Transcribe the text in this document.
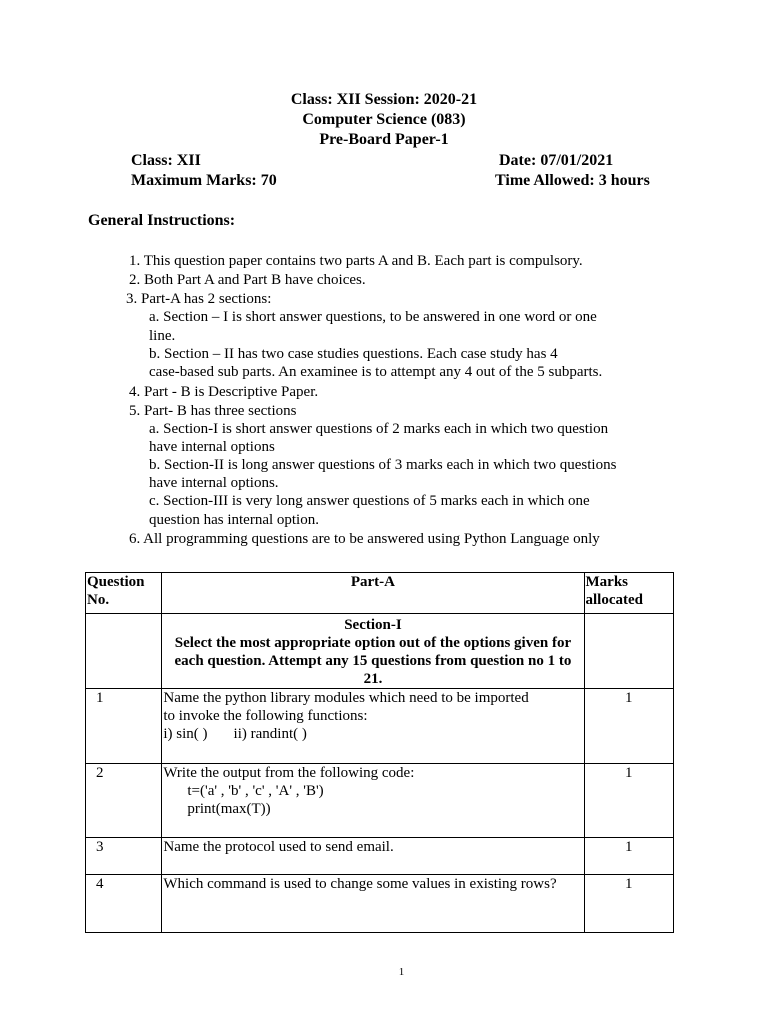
Class: XII Session: 2020-21
Computer Science (083)
Pre-Board Paper-1
Class: XII	Date: 07/01/2021
Maximum Marks: 70	Time Allowed: 3 hours
General Instructions:
1. This question paper contains two parts A and B. Each part is compulsory.
2. Both Part A and Part B have choices.
3. Part-A has 2 sections:
a. Section – I is short answer questions, to be answered in one word or one
line.
b. Section – II has two case studies questions. Each case study has 4
case-based sub parts. An examinee is to attempt any 4 out of the 5 subparts.
4. Part - B is Descriptive Paper.
5. Part- B has three sections
a. Section-I is short answer questions of 2 marks each in which two question
have internal options
b. Section-II is long answer questions of 3 marks each in which two questions
have internal options.
c. Section-III is very long answer questions of 5 marks each in which one
question has internal option.
6. All programming questions are to be answered using Python Language only
Question No.	Part-A	Marks allocated

	Section-I
Select the most appropriate option out of the options given for each question. Attempt any 15 questions from question no 1 to 21.	

1	Name the python library modules which need to be imported
to invoke the following functions:
i) sin( ) ii) randint( )	1
2	Write the output from the following code:
t=('a' , 'b' , 'c' , 'A' , 'B')
print(max(T))	1
3	Name the protocol used to send email.	1
4	Which command is used to change some values in existing rows?	1
1
